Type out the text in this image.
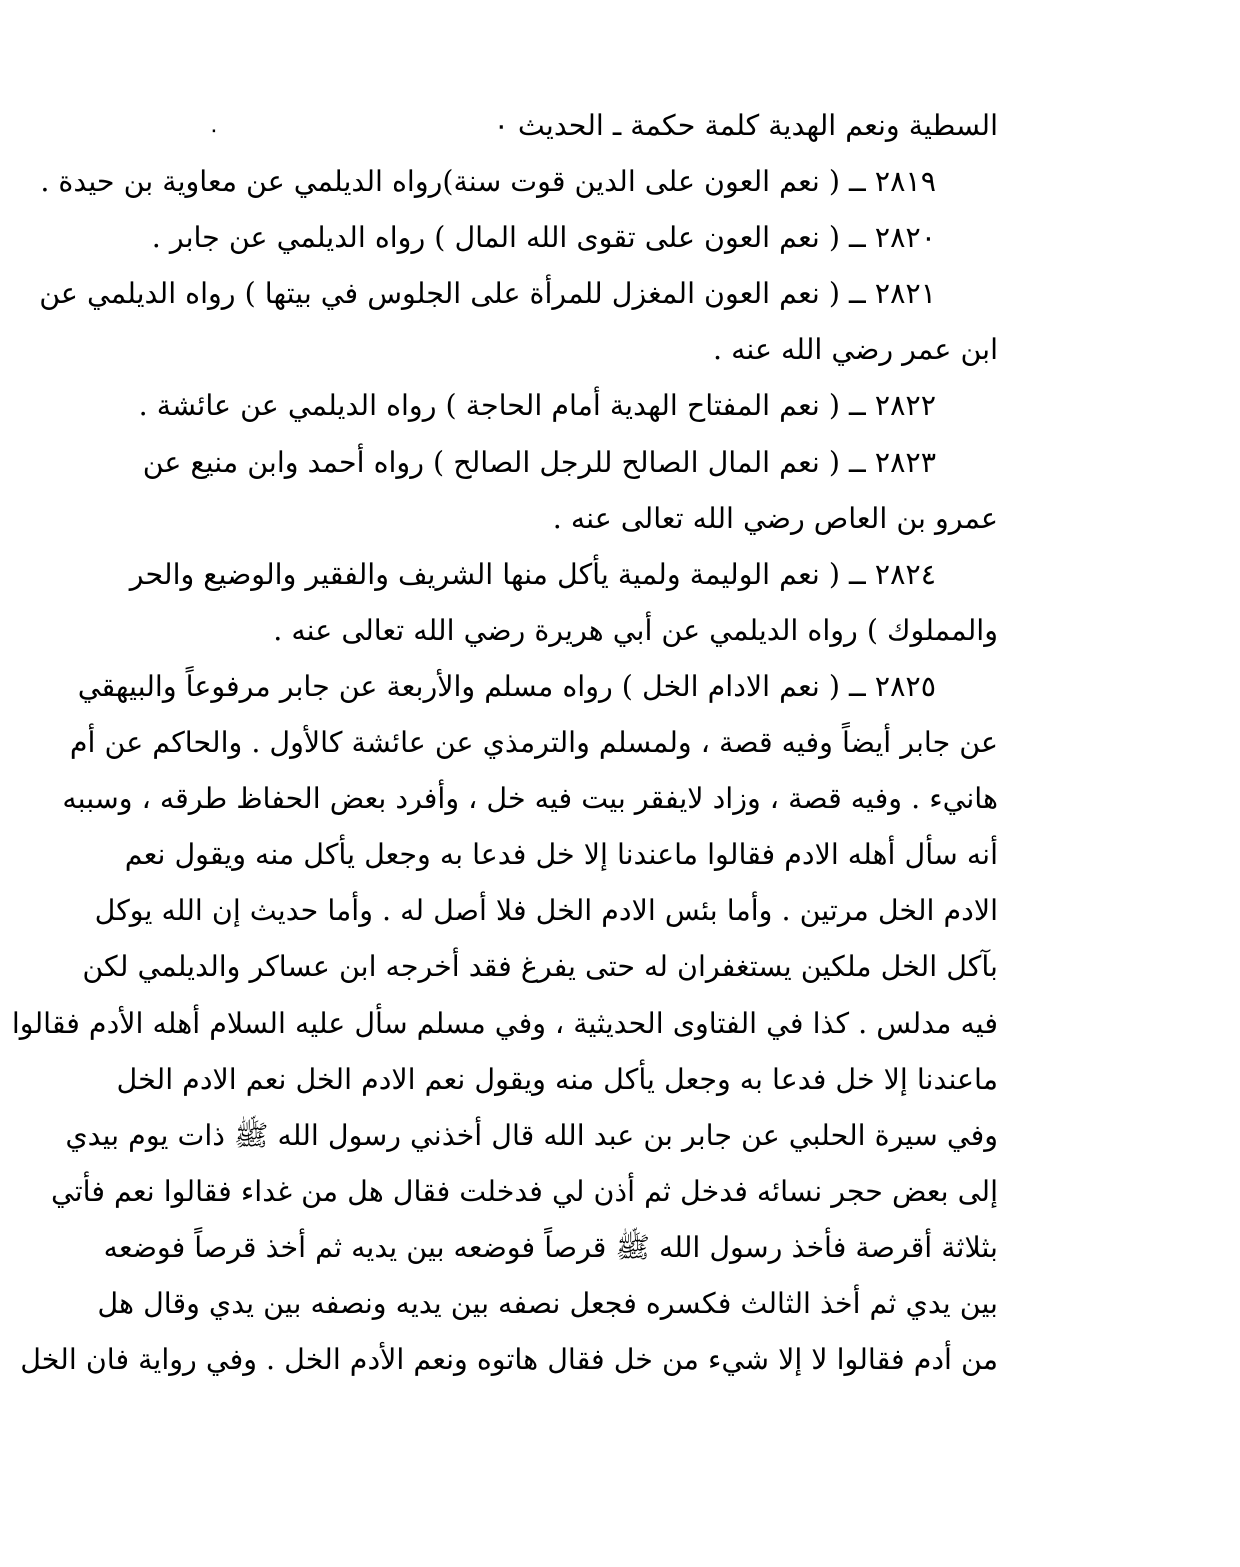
٠	السطية ونعم الهدية كلمة حكمة ـ الحديث ٠
٢٨١٩ ــ ( نعم العون على الدين قوت سنة)رواه الديلمي عن معاوية بن حيدة .
٢٨٢٠ ــ ( نعم العون على تقوى الله المال ) رواه الديلمي عن جابر .
٢٨٢١ ــ ( نعم العون المغزل للمرأة على الجلوس في بيتها ) رواه الديلمي عن
ابن عمر رضي الله عنه .
٢٨٢٢ ــ ( نعم المفتاح الهدية أمام الحاجة ) رواه الديلمي عن عائشة .
٢٨٢٣ ــ ( نعم المال الصالح للرجل الصالح ) رواه أحمد وابن منيع عن
عمرو بن العاص رضي الله تعالى عنه .
٢٨٢٤ ــ ( نعم الوليمة ولمية يأكل منها الشريف والفقير والوضيع والحر
والمملوك ) رواه الديلمي عن أبي هريرة رضي الله تعالى عنه .
٢٨٢٥ ــ ( نعم الادام الخل ) رواه مسلم والأربعة عن جابر مرفوعاً والبيهقي
عن جابر أيضاً وفيه قصة ، ولمسلم والترمذي عن عائشة كالأول . والحاكم عن أم
هانيء . وفيه قصة ، وزاد لايفقر بيت فيه خل ، وأفرد بعض الحفاظ طرقه ، وسببه
أنه سأل أهله الادم فقالوا ماعندنا إلا خل فدعا به وجعل يأكل منه ويقول نعم
الادم الخل مرتين . وأما بئس الادم الخل فلا أصل له . وأما حديث إن الله يوكل
بآكل الخل ملكين يستغفران له حتى يفرغ فقد أخرجه ابن عساكر والديلمي لكن
فيه مدلس . كذا في الفتاوى الحديثية ، وفي مسلم سأل عليه السلام أهله الأدم فقالوا
ماعندنا إلا خل فدعا به وجعل يأكل منه ويقول نعم الادم الخل نعم الادم الخل
وفي سيرة الحلبي عن جابر بن عبد الله قال أخذني رسول الله ﷺ ذات يوم بيدي
إلى بعض حجر نسائه فدخل ثم أذن لي فدخلت فقال هل من غداء فقالوا نعم فأتي
بثلاثة أقرصة فأخذ رسول الله ﷺ قرصاً فوضعه بين يديه ثم أخذ قرصاً فوضعه
بين يدي ثم أخذ الثالث فكسره فجعل نصفه بين يديه ونصفه بين يدي وقال هل
من أدم فقالوا لا إلا شيء من خل فقال هاتوه ونعم الأدم الخل . وفي رواية فان الخل
